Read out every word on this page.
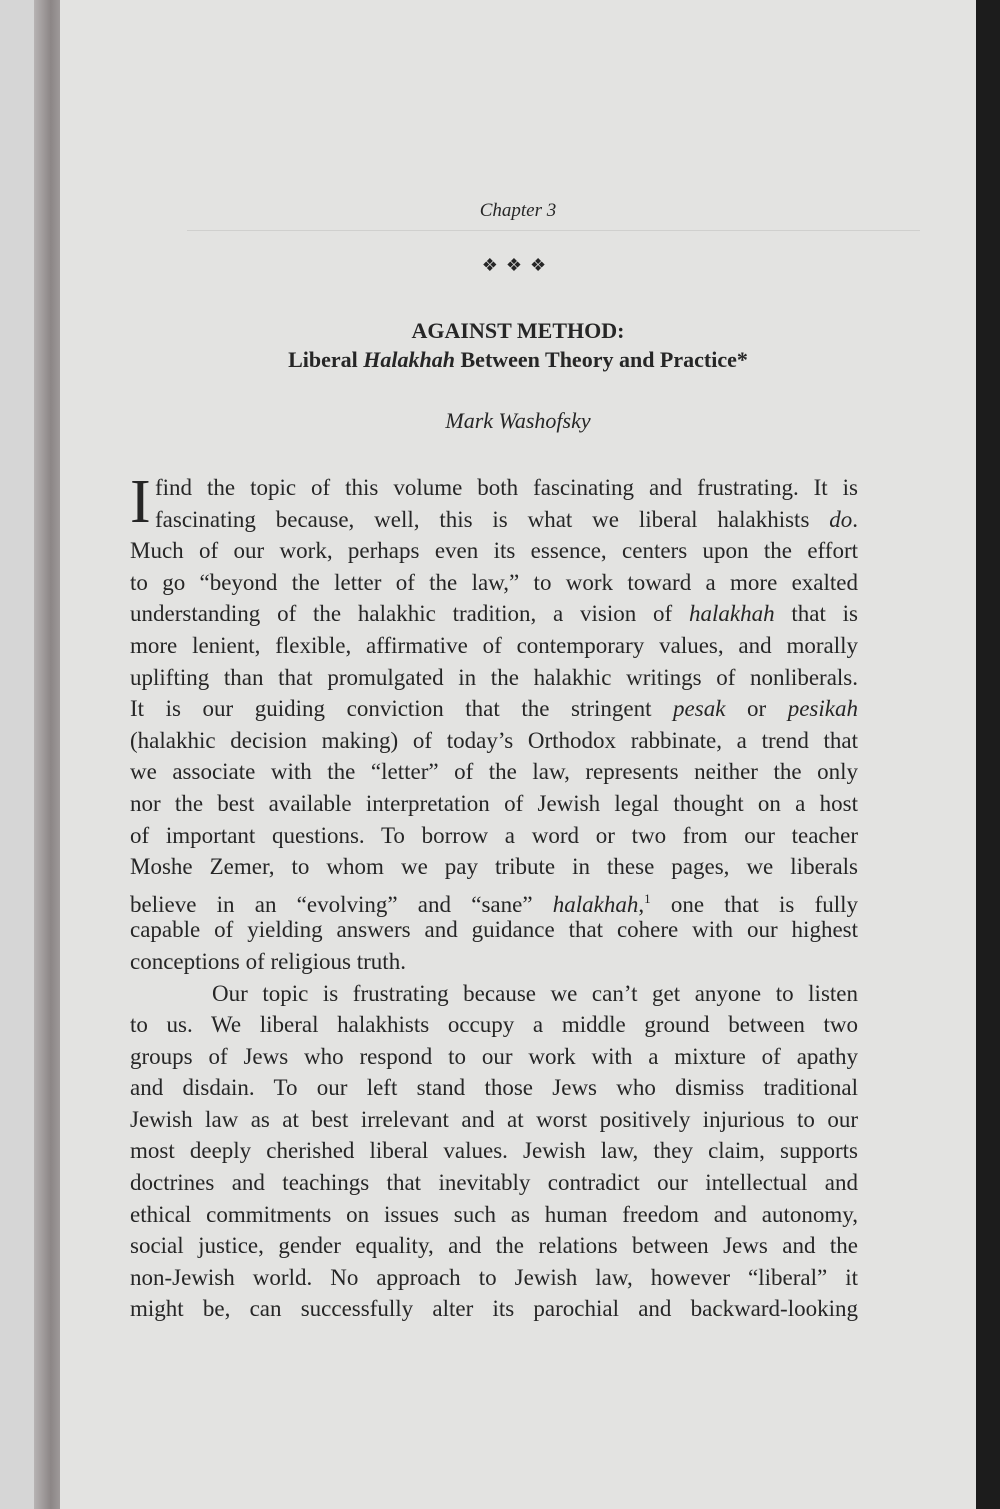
Chapter 3
❖❖❖
AGAINST METHOD:
Liberal Halakhah Between Theory and Practice*
Mark Washofsky
I find the topic of this volume both fascinating and frustrating. It is
fascinating because, well, this is what we liberal halakhists do.
Much of our work, perhaps even its essence, centers upon the effort
to go “beyond the letter of the law,” to work toward a more exalted
understanding of the halakhic tradition, a vision of halakhah that is
more lenient, flexible, affirmative of contemporary values, and morally
uplifting than that promulgated in the halakhic writings of nonliberals.
It is our guiding conviction that the stringent pesak or pesikah
(halakhic decision making) of today’s Orthodox rabbinate, a trend that
we associate with the “letter” of the law, represents neither the only
nor the best available interpretation of Jewish legal thought on a host
of important questions. To borrow a word or two from our teacher
Moshe Zemer, to whom we pay tribute in these pages, we liberals
believe in an “evolving” and “sane” halakhah,$^1$ one that is fully
capable of yielding answers and guidance that cohere with our highest
conceptions of religious truth.
Our topic is frustrating because we can’t get anyone to listen
to us. We liberal halakhists occupy a middle ground between two
groups of Jews who respond to our work with a mixture of apathy
and disdain. To our left stand those Jews who dismiss traditional
Jewish law as at best irrelevant and at worst positively injurious to our
most deeply cherished liberal values. Jewish law, they claim, supports
doctrines and teachings that inevitably contradict our intellectual and
ethical commitments on issues such as human freedom and autonomy,
social justice, gender equality, and the relations between Jews and the
non-Jewish world. No approach to Jewish law, however “liberal” it
might be, can successfully alter its parochial and backward-looking
